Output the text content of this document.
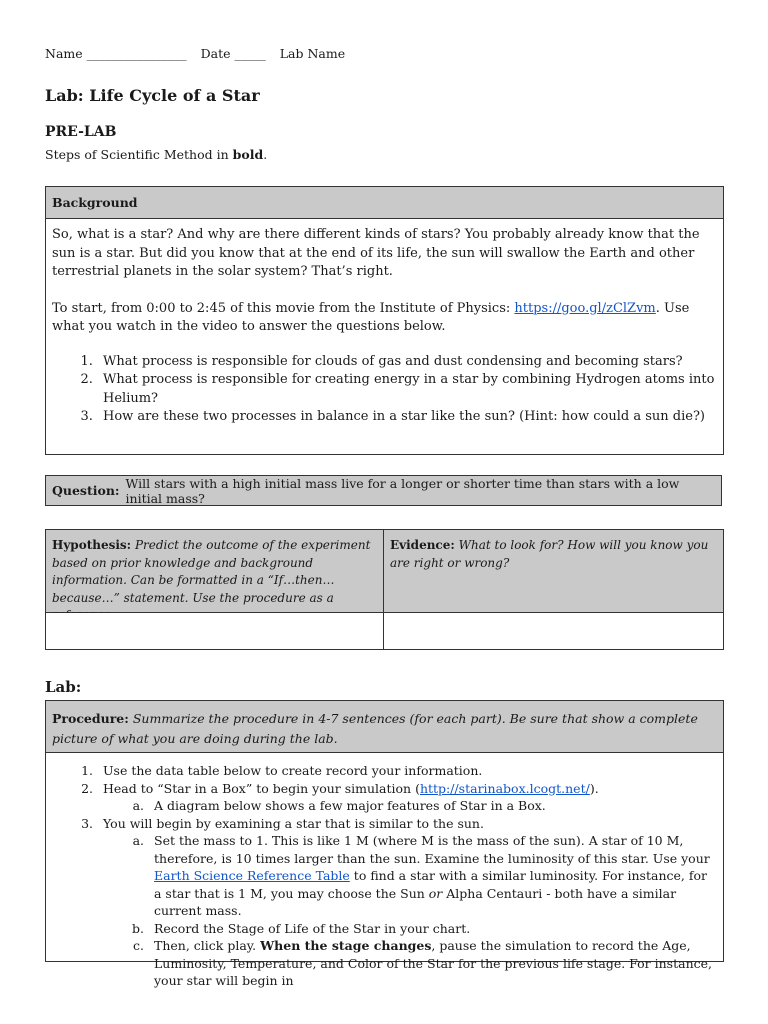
Name ________________ Date _____ Lab Name
Lab: Life Cycle of a Star
PRE-LAB
Steps of Scientific Method in bold.
Background

So, what is a star? And why are there different kinds of stars? You probably already know that the sun is a star. But did you know that at the end of its life, the sun will swallow the Earth and other terrestrial planets in the solar system? That’s right.

To start, from 0:00 to 2:45 of this movie from the Institute of Physics: https://goo.gl/zClZvm. Use what you watch in the video to answer the questions below.

1. What process is responsible for clouds of gas and dust condensing and becoming stars?
2. What process is responsible for creating energy in a star by combining Hydrogen atoms into Helium?
3. How are these two processes in balance in a star like the sun? (Hint: how could a sun die?)
Question: Will stars with a high initial mass live for a longer or shorter time than stars with a low initial mass?
Hypothesis: Predict the outcome of the experiment based on prior knowledge and background information. Can be formatted in a “If…then…because…” statement. Use the procedure as a
Evidence: What to look for? How will you know you are right or wrong?
Lab:
Procedure: Summarize the procedure in 4-7 sentences (for each part). Be sure that show a complete picture of what you are doing during the lab.
1. Use the data table below to create record your information.
2. Head to “Star in a Box” to begin your simulation (http://starinabox.lcogt.net/).
a. A diagram below shows a few major features of Star in a Box.
3. You will begin by examining a star that is similar to the sun.
a. Set the mass to 1. This is like 1 M (where M is the mass of the sun). A star of 10 M, therefore, is 10 times larger than the sun. Examine the luminosity of this star. Use your Earth Science Reference Table to find a star with a similar luminosity. For instance, for a star that is 1 M, you may choose the Sun or Alpha Centauri - both have a similar current mass.
b. Record the Stage of Life of the Star in your chart.
c. Then, click play. When the stage changes, pause the simulation to record the Age, Luminosity, Temperature, and Color of the Star for the previous life stage. For instance, your star will begin in
